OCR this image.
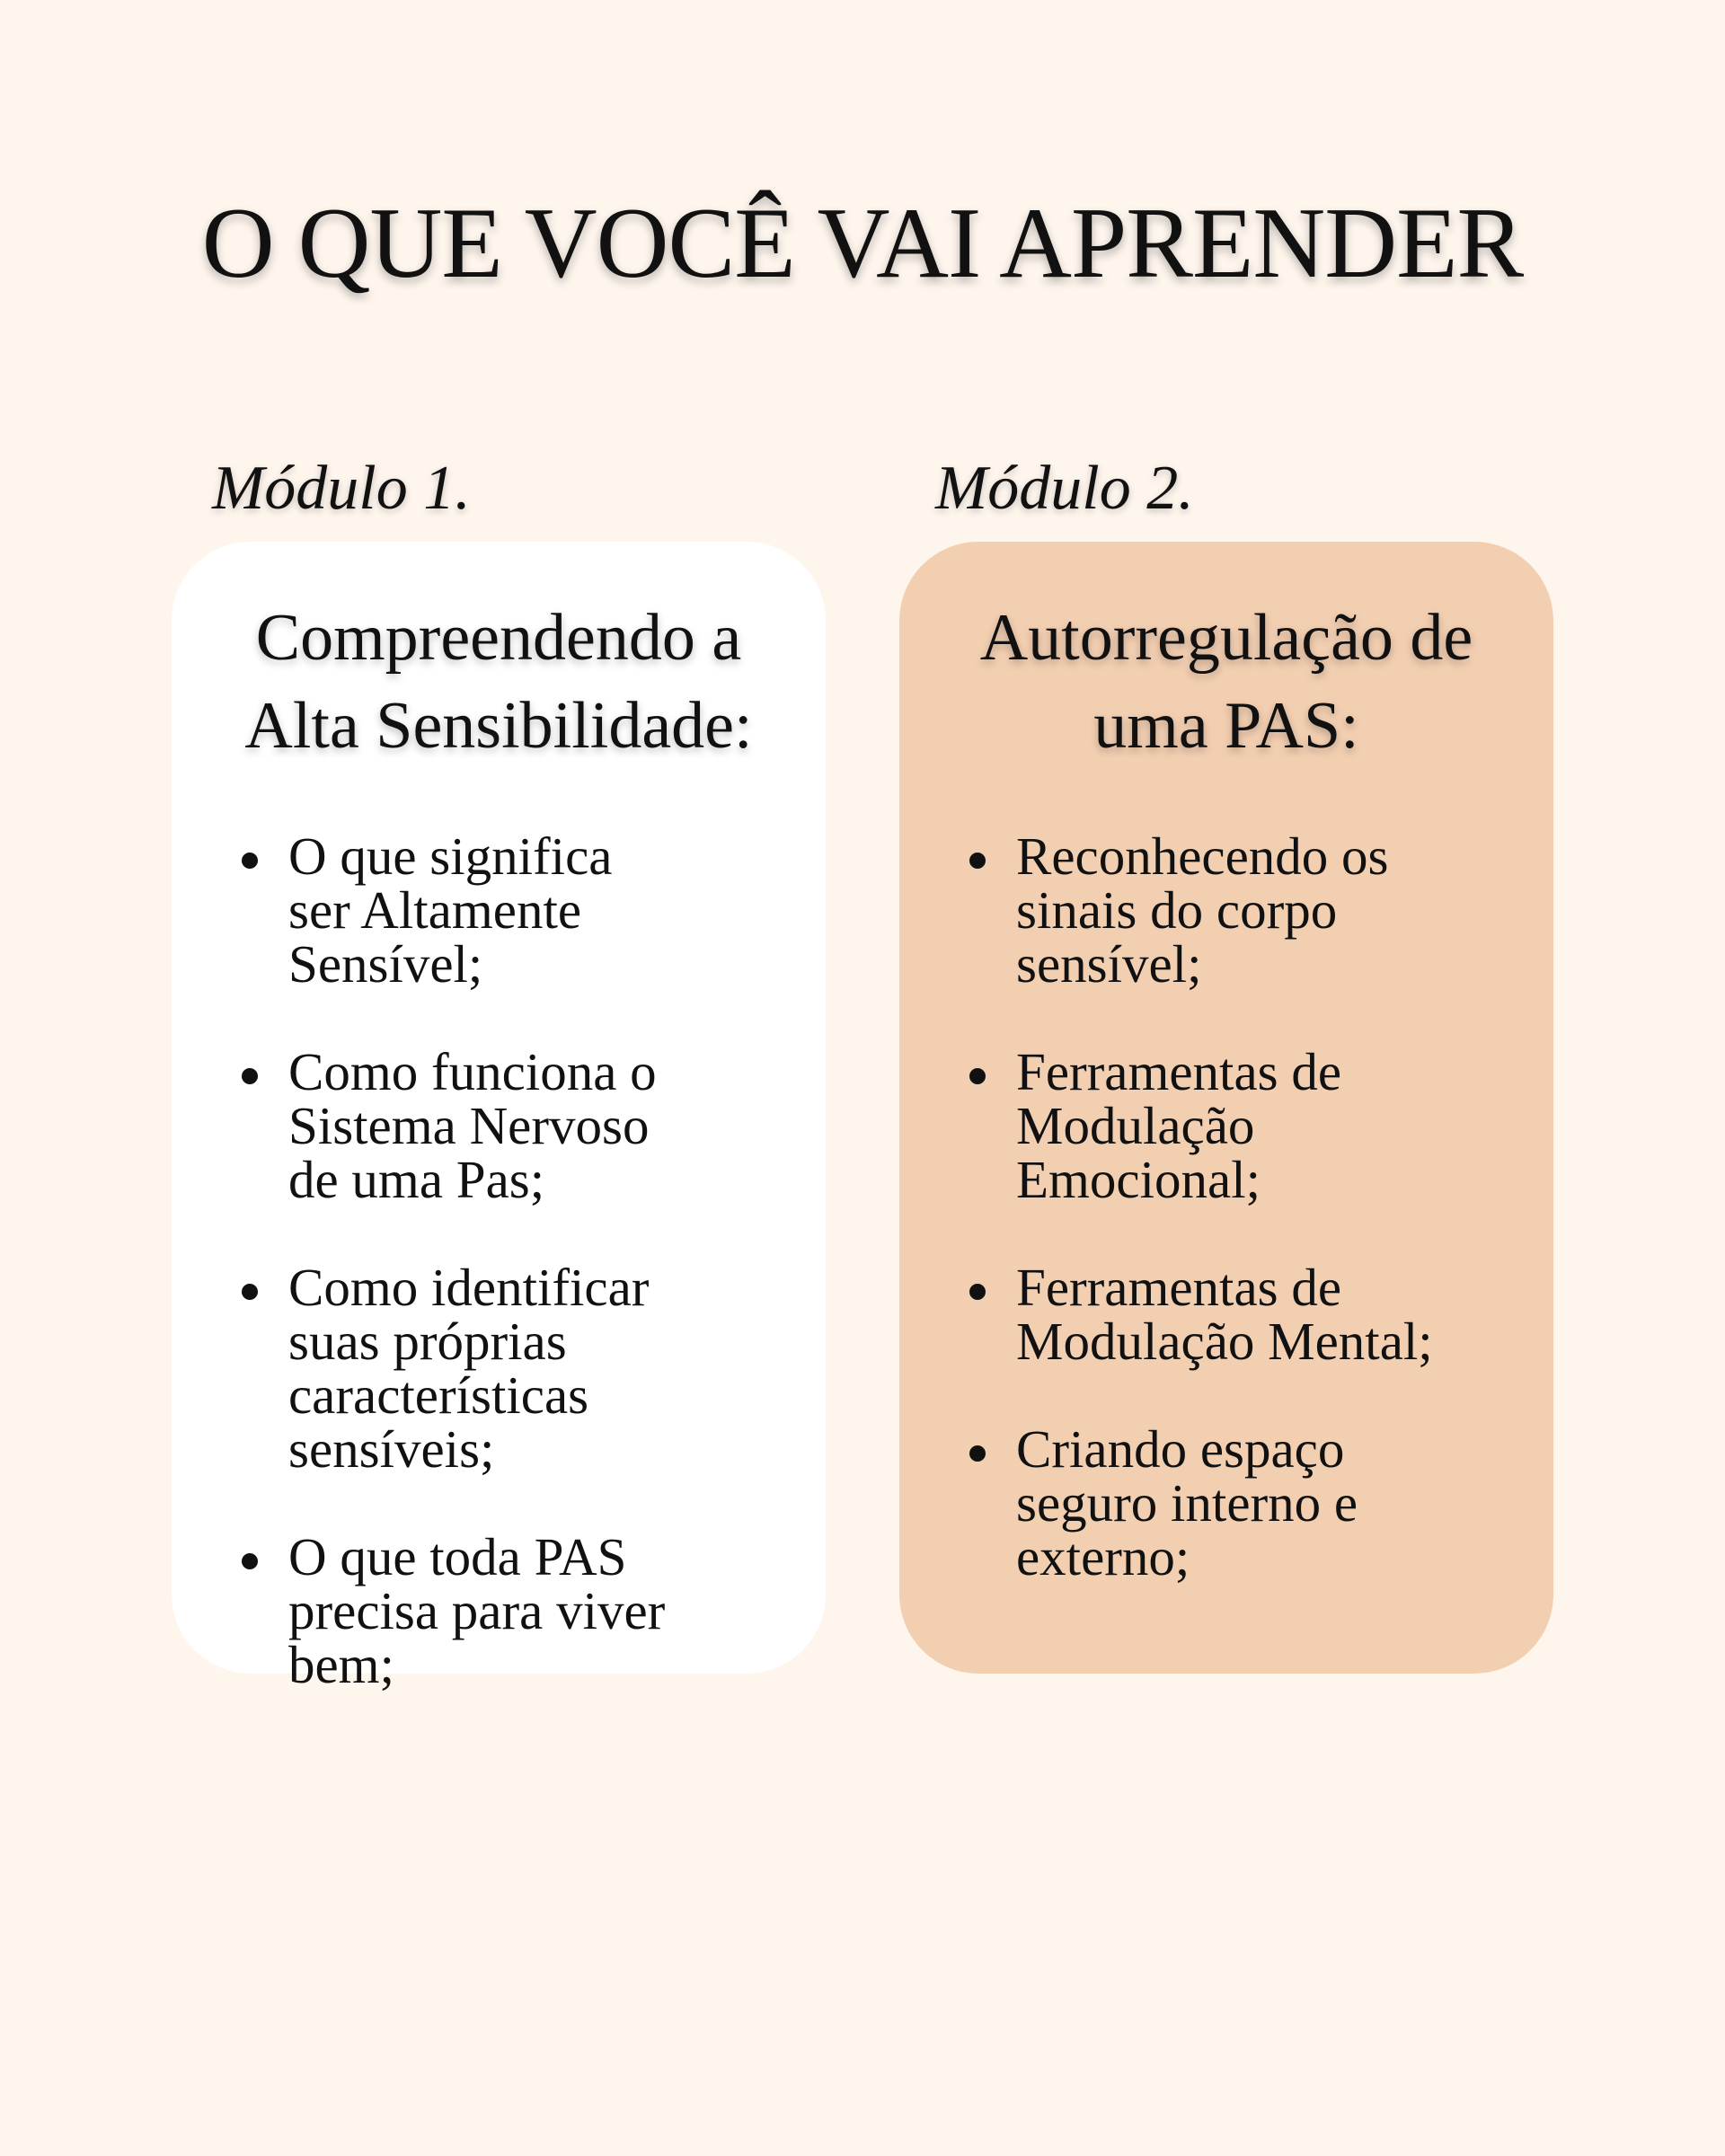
O QUE VOCÊ VAI APRENDER
Módulo 1.	Módulo 2.
Compreendendo a
Alta Sensibilidade:
O que significa ser Altamente Sensível;
Como funciona o Sistema Nervoso de uma Pas;
Como identificar suas próprias características sensíveis;
O que toda PAS precisa para viver bem;
Autorregulação de
uma PAS:
Reconhecendo os sinais do corpo sensível;
Ferramentas de Modulação Emocional;
Ferramentas de Modulação Mental;
Criando espaço seguro interno e externo;
